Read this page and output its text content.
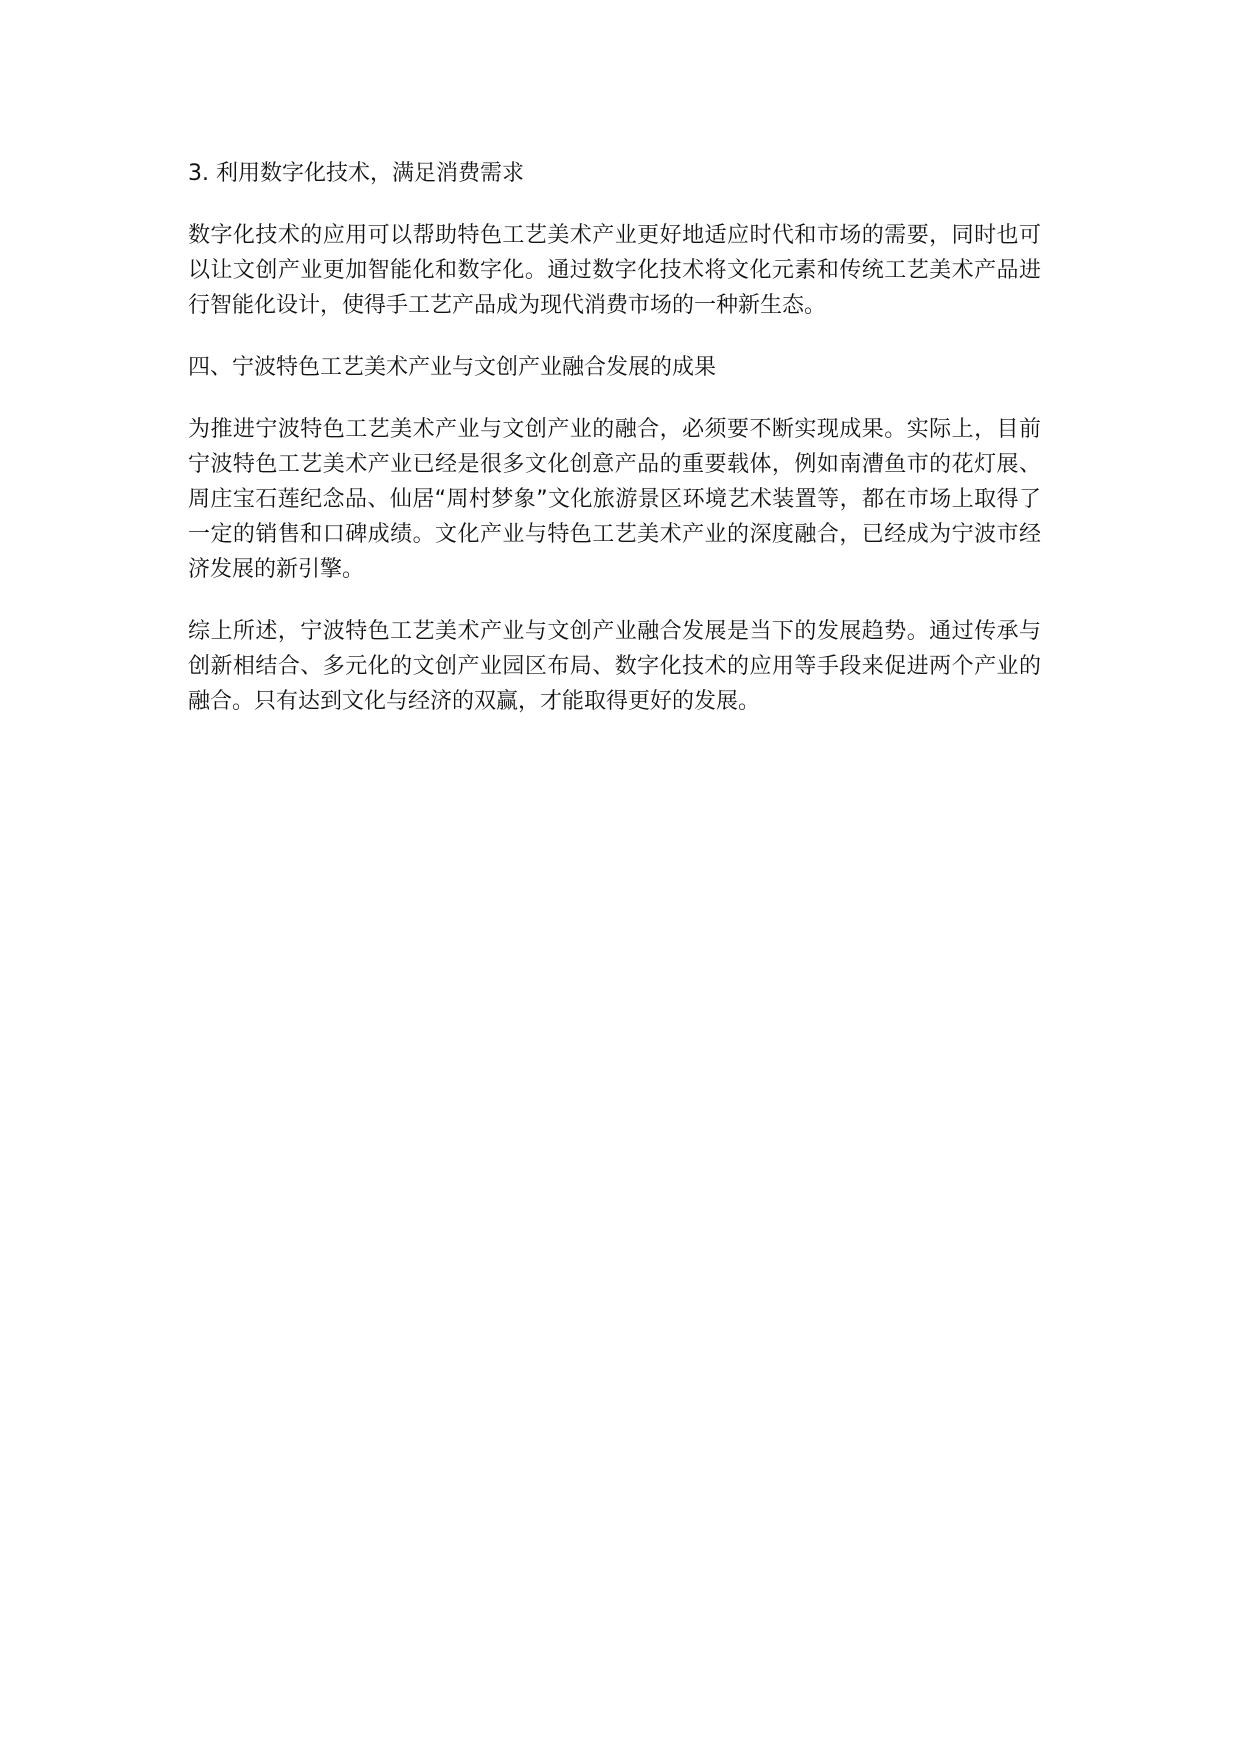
3. 利用数字化技术，满足消费需求

数字化技术的应用可以帮助特色工艺美术产业更好地适应时代和市场的需要，同时也可以让文创产业更加智能化和数字化。通过数字化技术将文化元素和传统工艺美术产品进行智能化设计，使得手工艺产品成为现代消费市场的一种新生态。

四、宁波特色工艺美术产业与文创产业融合发展的成果

为推进宁波特色工艺美术产业与文创产业的融合，必须要不断实现成果。实际上，目前宁波特色工艺美术产业已经是很多文化创意产品的重要载体，例如南漕鱼市的花灯展、周庄宝石莲纪念品、仙居“周村梦象”文化旅游景区环境艺术装置等，都在市场上取得了一定的销售和口碑成绩。文化产业与特色工艺美术产业的深度融合，已经成为宁波市经济发展的新引擎。

综上所述，宁波特色工艺美术产业与文创产业融合发展是当下的发展趋势。通过传承与创新相结合、多元化的文创产业园区布局、数字化技术的应用等手段来促进两个产业的融合。只有达到文化与经济的双赢，才能取得更好的发展。
